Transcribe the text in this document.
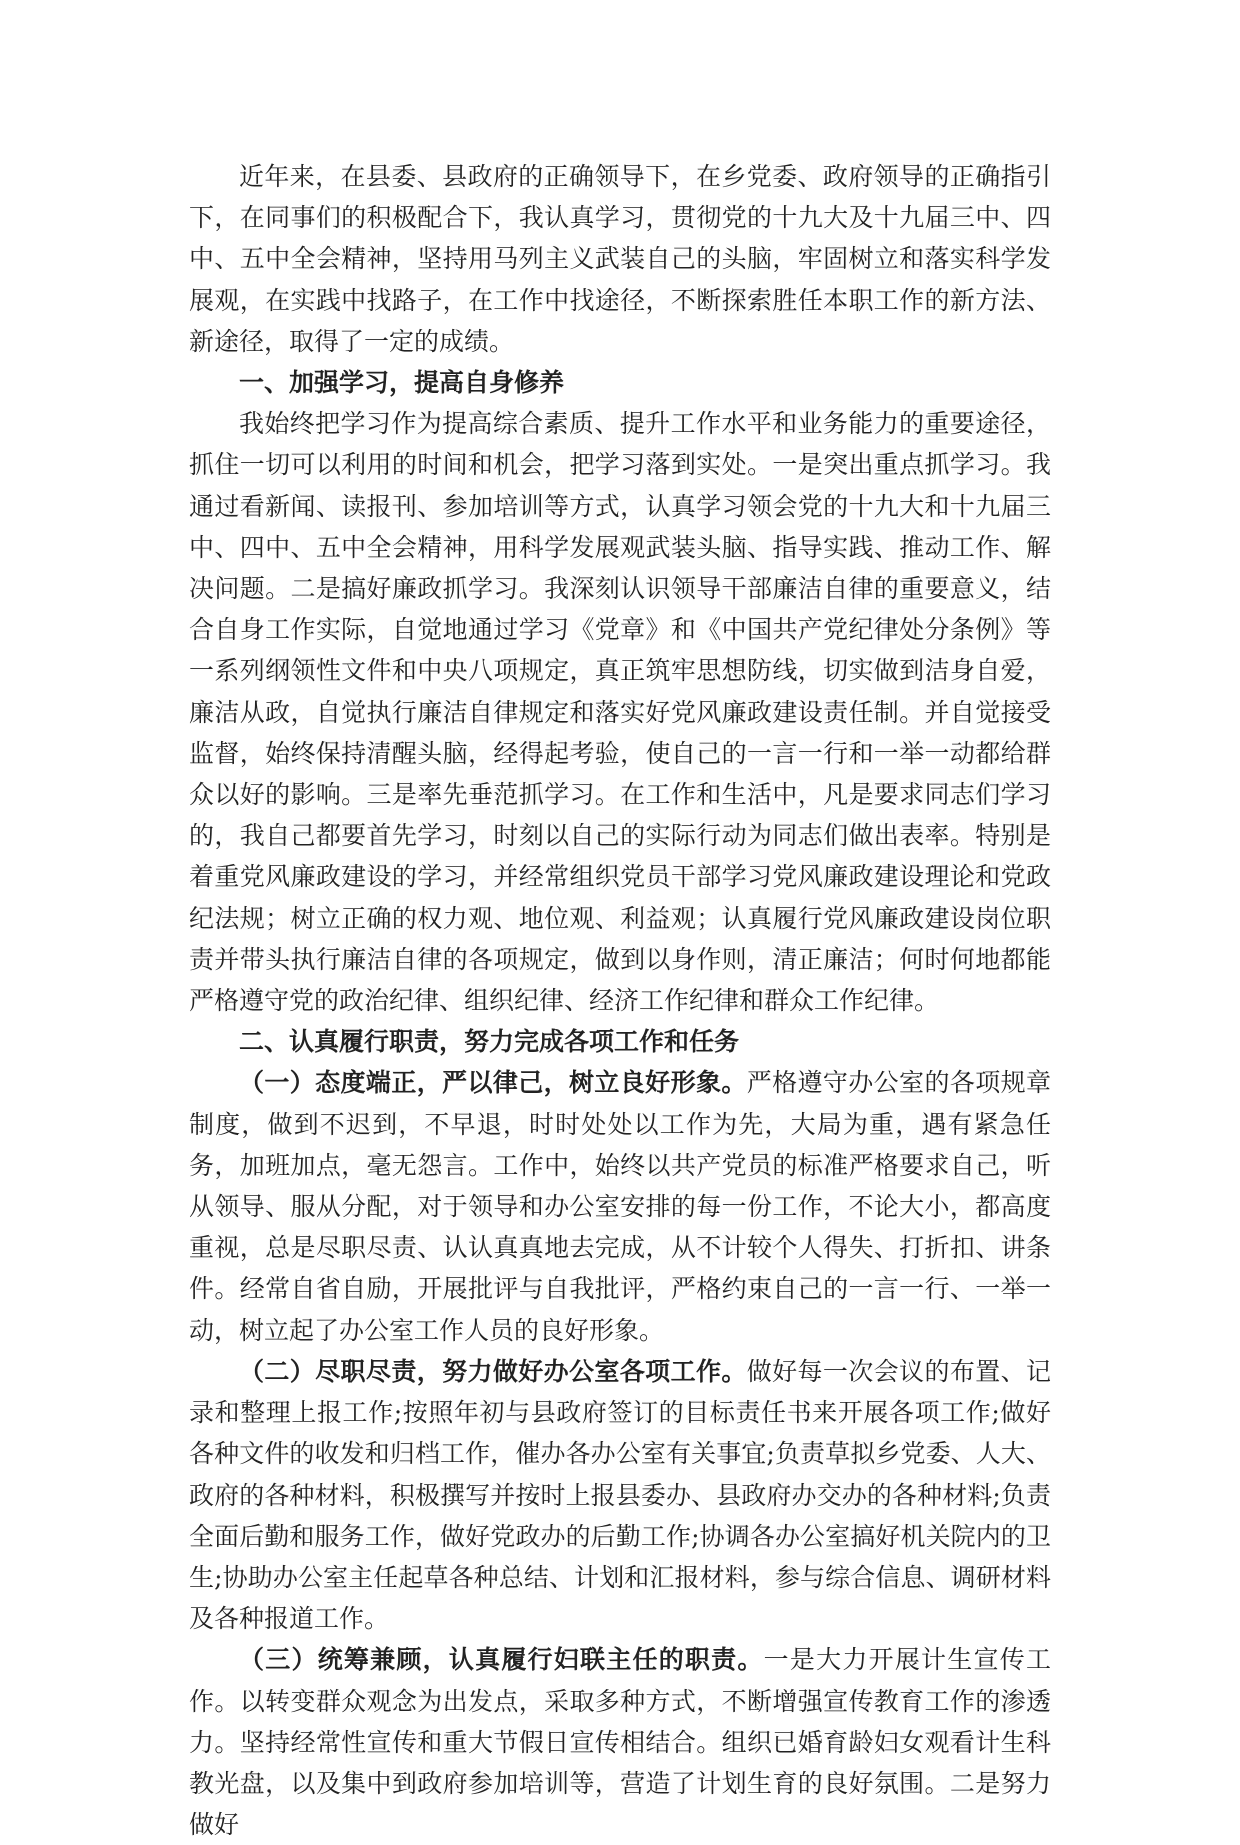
近年来，在县委、县政府的正确领导下，在乡党委、政府领导的正确指引下，在同事们的积极配合下，我认真学习，贯彻党的十九大及十九届三中、四中、五中全会精神，坚持用马列主义武装自己的头脑，牢固树立和落实科学发展观，在实践中找路子，在工作中找途径，不断探索胜任本职工作的新方法、新途径，取得了一定的成绩。

一、加强学习，提高自身修养

我始终把学习作为提高综合素质、提升工作水平和业务能力的重要途径，抓住一切可以利用的时间和机会，把学习落到实处。一是突出重点抓学习。我通过看新闻、读报刊、参加培训等方式，认真学习领会党的十九大和十九届三中、四中、五中全会精神，用科学发展观武装头脑、指导实践、推动工作、解决问题。二是搞好廉政抓学习。我深刻认识领导干部廉洁自律的重要意义，结合自身工作实际，自觉地通过学习《党章》和《中国共产党纪律处分条例》等一系列纲领性文件和中央八项规定，真正筑牢思想防线，切实做到洁身自爱，廉洁从政，自觉执行廉洁自律规定和落实好党风廉政建设责任制。并自觉接受监督，始终保持清醒头脑，经得起考验，使自己的一言一行和一举一动都给群众以好的影响。三是率先垂范抓学习。在工作和生活中，凡是要求同志们学习的，我自己都要首先学习，时刻以自己的实际行动为同志们做出表率。特别是着重党风廉政建设的学习，并经常组织党员干部学习党风廉政建设理论和党政纪法规；树立正确的权力观、地位观、利益观；认真履行党风廉政建设岗位职责并带头执行廉洁自律的各项规定，做到以身作则，清正廉洁；何时何地都能严格遵守党的政治纪律、组织纪律、经济工作纪律和群众工作纪律。

二、认真履行职责，努力完成各项工作和任务

（一）态度端正，严以律己，树立良好形象。严格遵守办公室的各项规章制度，做到不迟到，不早退，时时处处以工作为先，大局为重，遇有紧急任务，加班加点，毫无怨言。工作中，始终以共产党员的标准严格要求自己，听从领导、服从分配，对于领导和办公室安排的每一份工作，不论大小，都高度重视，总是尽职尽责、认认真真地去完成，从不计较个人得失、打折扣、讲条件。经常自省自励，开展批评与自我批评，严格约束自己的一言一行、一举一动，树立起了办公室工作人员的良好形象。

（二）尽职尽责，努力做好办公室各项工作。做好每一次会议的布置、记录和整理上报工作;按照年初与县政府签订的目标责任书来开展各项工作;做好各种文件的收发和归档工作，催办各办公室有关事宜;负责草拟乡党委、人大、政府的各种材料，积极撰写并按时上报县委办、县政府办交办的各种材料;负责全面后勤和服务工作，做好党政办的后勤工作;协调各办公室搞好机关院内的卫生;协助办公室主任起草各种总结、计划和汇报材料，参与综合信息、调研材料及各种报道工作。

（三）统筹兼顾，认真履行妇联主任的职责。一是大力开展计生宣传工作。以转变群众观念为出发点，采取多种方式，不断增强宣传教育工作的渗透力。坚持经常性宣传和重大节假日宣传相结合。组织已婚育龄妇女观看计生科教光盘，以及集中到政府参加培训等，营造了计划生育的良好氛围。二是努力做好
